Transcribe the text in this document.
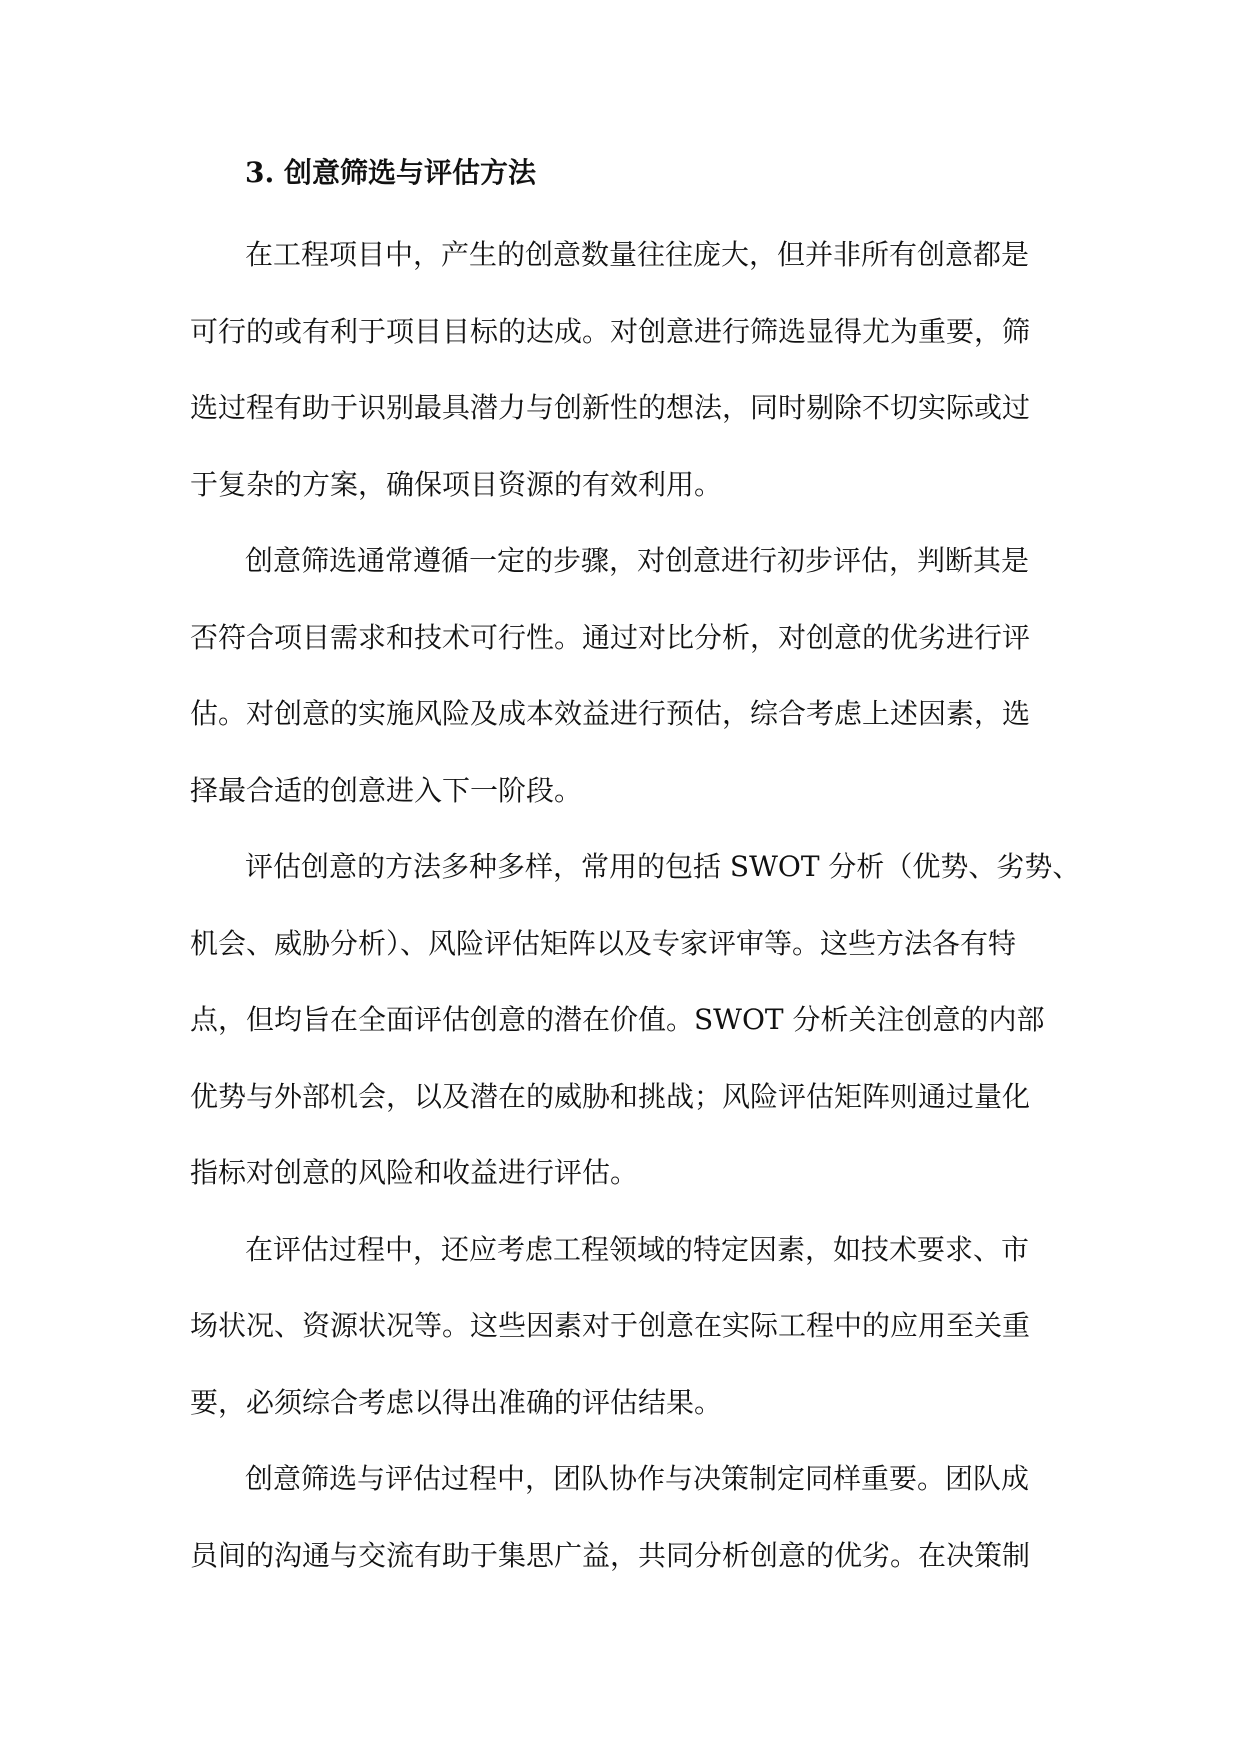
3. 创意筛选与评估方法
在工程项目中，产生的创意数量往往庞大，但并非所有创意都是
可行的或有利于项目目标的达成。对创意进行筛选显得尤为重要，筛
选过程有助于识别最具潜力与创新性的想法，同时剔除不切实际或过
于复杂的方案，确保项目资源的有效利用。
创意筛选通常遵循一定的步骤，对创意进行初步评估，判断其是
否符合项目需求和技术可行性。通过对比分析，对创意的优劣进行评
估。对创意的实施风险及成本效益进行预估，综合考虑上述因素，选
择最合适的创意进入下一阶段。
评估创意的方法多种多样，常用的包括 SWOT 分析（优势、劣势、
机会、威胁分析）、风险评估矩阵以及专家评审等。这些方法各有特
点，但均旨在全面评估创意的潜在价值。SWOT 分析关注创意的内部
优势与外部机会，以及潜在的威胁和挑战；风险评估矩阵则通过量化
指标对创意的风险和收益进行评估。
在评估过程中，还应考虑工程领域的特定因素，如技术要求、市
场状况、资源状况等。这些因素对于创意在实际工程中的应用至关重
要，必须综合考虑以得出准确的评估结果。
创意筛选与评估过程中，团队协作与决策制定同样重要。团队成
员间的沟通与交流有助于集思广益，共同分析创意的优劣。在决策制
